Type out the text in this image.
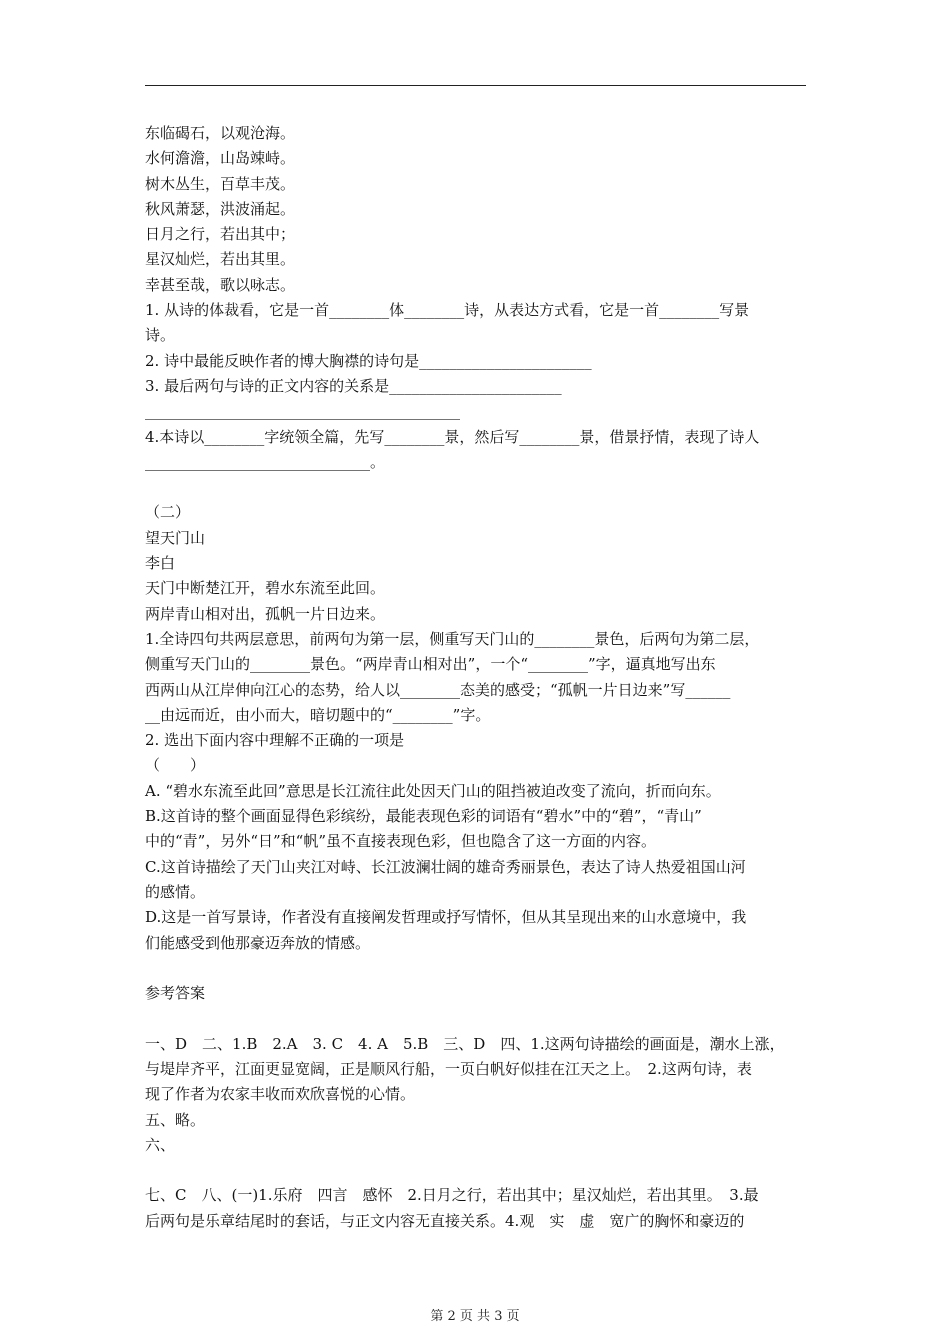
东临碣石，以观沧海。
水何澹澹，山岛竦峙。
树木丛生，百草丰茂。
秋风萧瑟，洪波涌起。
日月之行，若出其中；
星汉灿烂，若出其里。
幸甚至哉，歌以咏志。
1. 从诗的体裁看，它是一首________体________诗，从表达方式看，它是一首________写景
诗。
2. 诗中最能反映作者的博大胸襟的诗句是_______________________
3. 最后两句与诗的正文内容的关系是_______________________
__________________________________________
4.本诗以________字统领全篇，先写________景，然后写________景，借景抒情，表现了诗人
______________________________。
（二）
望天门山
李白
天门中断楚江开，碧水东流至此回。
两岸青山相对出，孤帆一片日边来。
1.全诗四句共两层意思，前两句为第一层，侧重写天门山的________景色，后两句为第二层，
侧重写天门山的________景色。“两岸青山相对出”，一个“________”字，逼真地写出东
西两山从江岸伸向江心的态势，给人以________态美的感受；“孤帆一片日边来”写______
__由远而近，由小而大，暗切题中的“________”字。
2. 选出下面内容中理解不正确的一项是
（　　）
A. “碧水东流至此回”意思是长江流往此处因天门山的阻挡被迫改变了流向，折而向东。
B.这首诗的整个画面显得色彩缤纷，最能表现色彩的词语有“碧水”中的“碧”，“青山”
中的“青”，另外“日”和“帆”虽不直接表现色彩，但也隐含了这一方面的内容。
C.这首诗描绘了天门山夹江对峙、长江波澜壮阔的雄奇秀丽景色，表达了诗人热爱祖国山河
的感情。
D.这是一首写景诗，作者没有直接阐发哲理或抒写情怀，但从其呈现出来的山水意境中，我
们能感受到他那豪迈奔放的情感。
参考答案
一、D　二、1.B　2.A　3. C　4. A　5.B　三、D　四、1.这两句诗描绘的画面是，潮水上涨，
与堤岸齐平，江面更显宽阔，正是顺风行船，一页白帆好似挂在江天之上。　2.这两句诗，表
现了作者为农家丰收而欢欣喜悦的心情。
五、略。
六、
七、C　八、(一)1.乐府　四言　感怀　2.日月之行，若出其中；星汉灿烂，若出其里。　3.最
后两句是乐章结尾时的套话，与正文内容无直接关系。4.观　实　虚　宽广的胸怀和豪迈的
第 2 页 共 3 页
